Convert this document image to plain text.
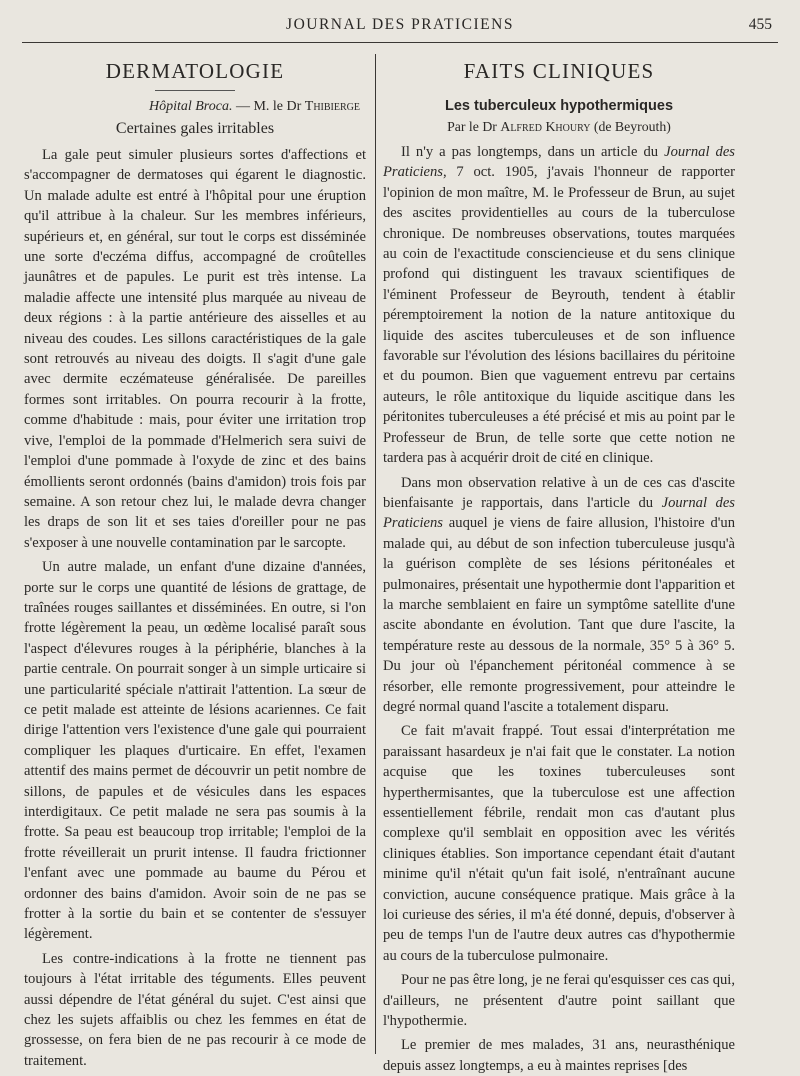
JOURNAL DES PRATICIENS	455
DERMATOLOGIE
Hôpital Broca. — M. le Dr Thibierge
Certaines gales irritables

La gale peut simuler plusieurs sortes d'affections et s'accompagner de dermatoses qui égarent le diagnostic. Un malade adulte est entré à l'hôpital pour une éruption qu'il attribue à la chaleur. Sur les membres inférieurs, supérieurs et, en général, sur tout le corps est disséminée une sorte d'eczéma diffus, accompagné de croûtelles jaunâtres et de papules. Le purit est très intense. La maladie affecte une intensité plus marquée au niveau de deux régions : à la partie antérieure des aisselles et au niveau des coudes. Les sillons caractéristiques de la gale sont retrouvés au niveau des doigts. Il s'agit d'une gale avec dermite eczémateuse généralisée. De pareilles formes sont irritables. On pourra recourir à la frotte, comme d'habitude : mais, pour éviter une irritation trop vive, l'emploi de la pommade d'Helmerich sera suivi de l'emploi d'une pommade à l'oxyde de zinc et des bains émollients seront ordonnés (bains d'amidon) trois fois par semaine. A son retour chez lui, le malade devra changer les draps de son lit et ses taies d'oreiller pour ne pas s'exposer à une nouvelle contamination par le sarcopte.

Un autre malade, un enfant d'une dizaine d'années, porte sur le corps une quantité de lésions de grattage, de traînées rouges saillantes et disséminées. En outre, si l'on frotte légèrement la peau, un œdème localisé paraît sous l'aspect d'élevures rouges à la périphérie, blanches à la partie centrale. On pourrait songer à un simple urticaire si une particularité spéciale n'attirait l'attention. La sœur de ce petit malade est atteinte de lésions acariennes. Ce fait dirige l'attention vers l'existence d'une gale qui pourraient compliquer les plaques d'urticaire. En effet, l'examen attentif des mains permet de découvrir un petit nombre de sillons, de papules et de vésicules dans les espaces interdigitaux. Ce petit malade ne sera pas soumis à la frotte. Sa peau est beaucoup trop irritable; l'emploi de la frotte réveillerait un prurit intense. Il faudra frictionner l'enfant avec une pommade au baume du Pérou et ordonner des bains d'amidon. Avoir soin de ne pas se frotter à la sortie du bain et se contenter de s'essuyer légèrement.

Les contre-indications à la frotte ne tiennent pas toujours à l'état irritable des téguments. Elles peuvent aussi dépendre de l'état général du sujet. C'est ainsi que chez les sujets affaiblis ou chez les femmes en état de grossesse, on fera bien de ne pas recourir à ce mode de traitement.

FAITS CLINIQUES
Les tuberculeux hypothermiques
Par le Dr Alfred Khoury (de Beyrouth)

Il n'y a pas longtemps, dans un article du Journal des Praticiens, 7 oct. 1905, j'avais l'honneur de rapporter l'opinion de mon maître, M. le Professeur de Brun, au sujet des ascites providentielles au cours de la tuberculose chronique. De nombreuses observations, toutes marquées au coin de l'exactitude consciencieuse et du sens clinique profond qui distinguent les travaux scientifiques de l'éminent Professeur de Beyrouth, tendent à établir péremptoirement la notion de la nature antitoxique du liquide des ascites tuberculeuses et de son influence favorable sur l'évolution des lésions bacillaires du péritoine et du poumon. Bien que vaguement entrevu par certains auteurs, le rôle antitoxique du liquide ascitique dans les péritonites tuberculeuses a été précisé et mis au point par le Professeur de Brun, de telle sorte que cette notion ne tardera pas à acquérir droit de cité en clinique.

Dans mon observation relative à un de ces cas d'ascite bienfaisante je rapportais, dans l'article du Journal des Praticiens auquel je viens de faire allusion, l'histoire d'un malade qui, au début de son infection tuberculeuse jusqu'à la guérison complète de ses lésions péritonéales et pulmonaires, présentait une hypothermie dont l'apparition et la marche semblaient en faire un symptôme satellite d'une ascite abondante en évolution. Tant que dure l'ascite, la température reste au dessous de la normale, 35° 5 à 36° 5. Du jour où l'épanchement péritonéal commence à se résorber, elle remonte progressivement, pour atteindre le degré normal quand l'ascite a totalement disparu.

Ce fait m'avait frappé. Tout essai d'interprétation me paraissant hasardeux je n'ai fait que le constater. La notion acquise que les toxines tuberculeuses sont hyperthermisantes, que la tuberculose est une affection essentiellement fébrile, rendait mon cas d'autant plus complexe qu'il semblait en opposition avec les vérités cliniques établies. Son importance cependant était d'autant minime qu'il n'était qu'un fait isolé, n'entraînant aucune conviction, aucune conséquence pratique. Mais grâce à la loi curieuse des séries, il m'a été donné, depuis, d'observer à peu de temps l'un de l'autre deux autres cas d'hypothermie au cours de la tuberculose pulmonaire.

Pour ne pas être long, je ne ferai qu'esquisser ces cas qui, d'ailleurs, ne présentent d'autre point saillant que l'hypothermie.

Le premier de mes malades, 31 ans, neurasthénique depuis assez longtemps, a eu à maintes reprises [des
